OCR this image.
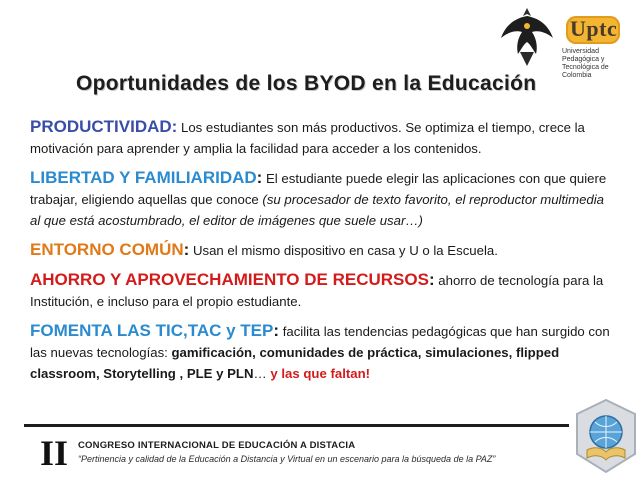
Uptc
Universidad Pedagógica y
Tecnológica de Colombia
Oportunidades de los BYOD en la Educación

PRODUCTIVIDAD: Los estudiantes son más productivos. Se optimiza el tiempo, crece la motivación para aprender y amplia la facilidad para acceder a los contenidos.

LIBERTAD Y FAMILIARIDAD: El estudiante puede elegir las aplicaciones con que quiere trabajar, eligiendo aquellas que conoce (su procesador de texto favorito, el reproductor multimedia al que está acostumbrado, el editor de imágenes que suele usar…)

ENTORNO COMÚN: Usan el mismo dispositivo en casa y U o la Escuela.

AHORRO Y APROVECHAMIENTO DE RECURSOS: ahorro de tecnología para la Institución, e incluso para el propio estudiante.

FOMENTA LAS TIC,TAC y TEP: facilita las tendencias pedagógicas que han surgido con las nuevas tecnologías: gamificación, comunidades de práctica, simulaciones, flipped classroom, Storytelling , PLE y PLN… y las que faltan!

II CONGRESO INTERNACIONAL DE EDUCACIÓN A DISTACIA
“Pertinencia y calidad de la Educación a Distancia y Virtual en un escenario para la búsqueda de la PAZ”
